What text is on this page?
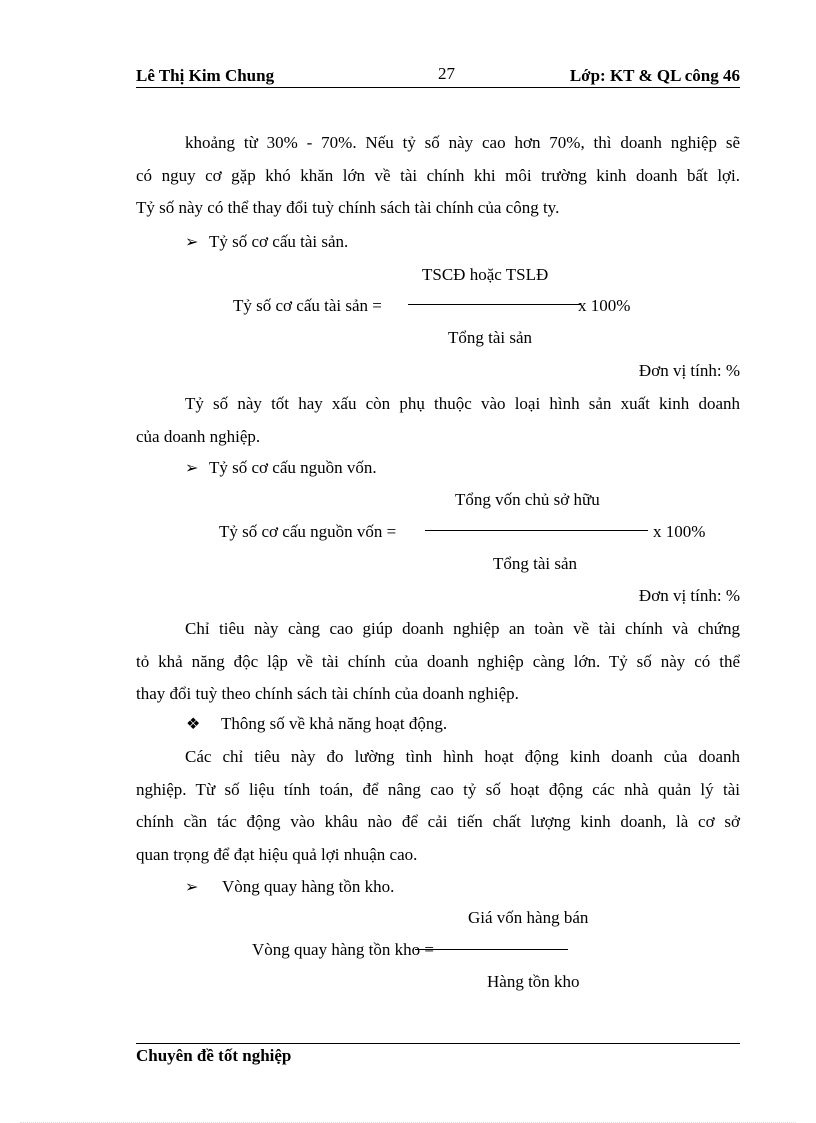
Lê Thị Kim Chung	27	Lớp: KT & QL công 46
khoảng từ 30% - 70%. Nếu tỷ số này cao hơn 70%, thì doanh nghiệp sẽ
có nguy cơ gặp khó khăn lớn về tài chính khi môi trường kinh doanh bất lợi.
Tỷ số này có thể thay đổi tuỳ chính sách tài chính của công ty.
➢ Tỷ số cơ cấu tài sản.
TSCĐ hoặc TSLĐ
Tỷ số cơ cấu tài sản =	x 100%
Tổng tài sản
Đơn vị tính: %
Tỷ số này tốt hay xấu còn phụ thuộc vào loại hình sản xuất kinh doanh
của doanh nghiệp.
➢ Tỷ số cơ cấu nguồn vốn.
Tổng vốn chủ sở hữu
Tỷ số cơ cấu nguồn vốn =	x 100%
Tổng tài sản
Đơn vị tính: %
Chỉ tiêu này càng cao giúp doanh nghiệp an toàn về tài chính và chứng
tỏ khả năng độc lập về tài chính của doanh nghiệp càng lớn. Tỷ số này có thể
thay đổi tuỳ theo chính sách tài chính của doanh nghiệp.
❖ Thông số về khả năng hoạt động.
Các chỉ tiêu này đo lường tình hình hoạt động kinh doanh của doanh
nghiệp. Từ số liệu tính toán, để nâng cao tỷ số hoạt động các nhà quản lý tài
chính cần tác động vào khâu nào để cải tiến chất lượng kinh doanh, là cơ sở
quan trọng để đạt hiệu quả lợi nhuận cao.
➢ Vòng quay hàng tồn kho.
Giá vốn hàng bán
Vòng quay hàng tồn kho =
Hàng tồn kho
Chuyên đề tốt nghiệp
